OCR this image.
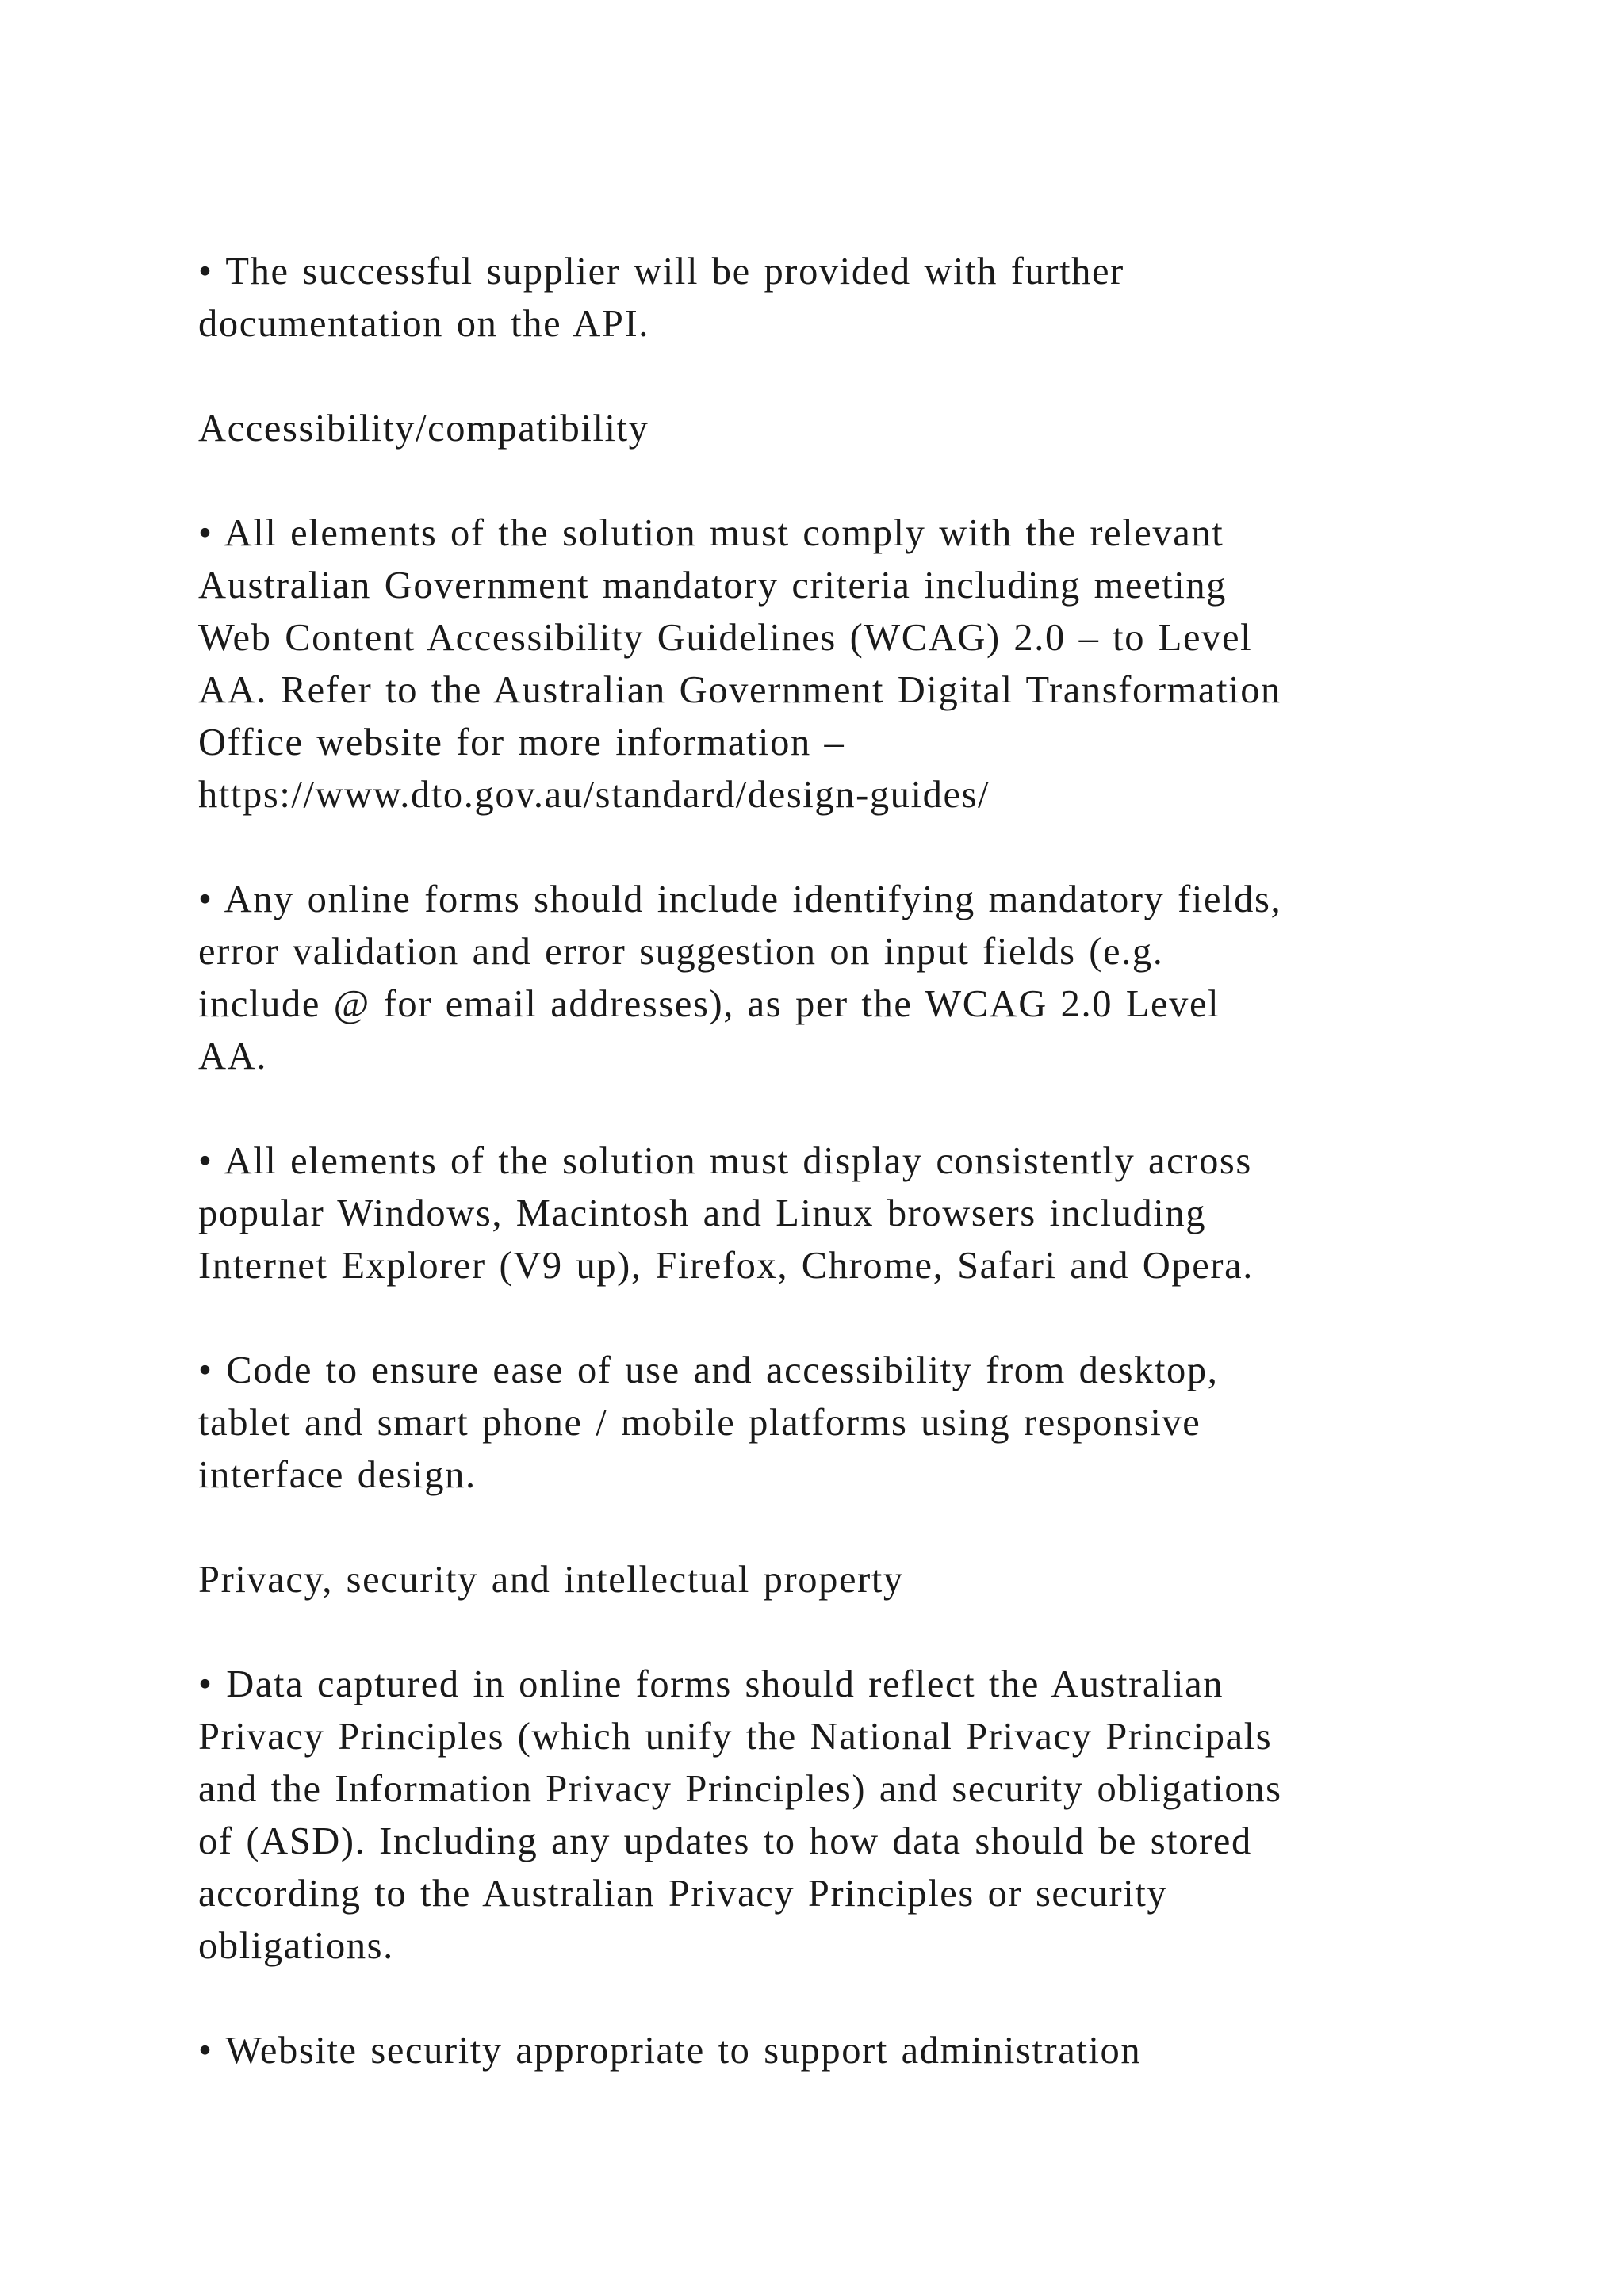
• The successful supplier will be provided with further
documentation on the API.

Accessibility/compatibility

• All elements of the solution must comply with the relevant
Australian Government mandatory criteria including meeting
Web Content Accessibility Guidelines (WCAG) 2.0 – to Level
AA. Refer to the Australian Government Digital Transformation
Office website for more information –
https://www.dto.gov.au/standard/design-guides/

• Any online forms should include identifying mandatory fields,
error validation and error suggestion on input fields (e.g.
include @ for email addresses), as per the WCAG 2.0 Level
AA.

• All elements of the solution must display consistently across
popular Windows, Macintosh and Linux browsers including
Internet Explorer (V9 up), Firefox, Chrome, Safari and Opera.

• Code to ensure ease of use and accessibility from desktop,
tablet and smart phone / mobile platforms using responsive
interface design.

Privacy, security and intellectual property

• Data captured in online forms should reflect the Australian
Privacy Principles (which unify the National Privacy Principals
and the Information Privacy Principles) and security obligations
of (ASD). Including any updates to how data should be stored
according to the Australian Privacy Principles or security
obligations.

• Website security appropriate to support administration
